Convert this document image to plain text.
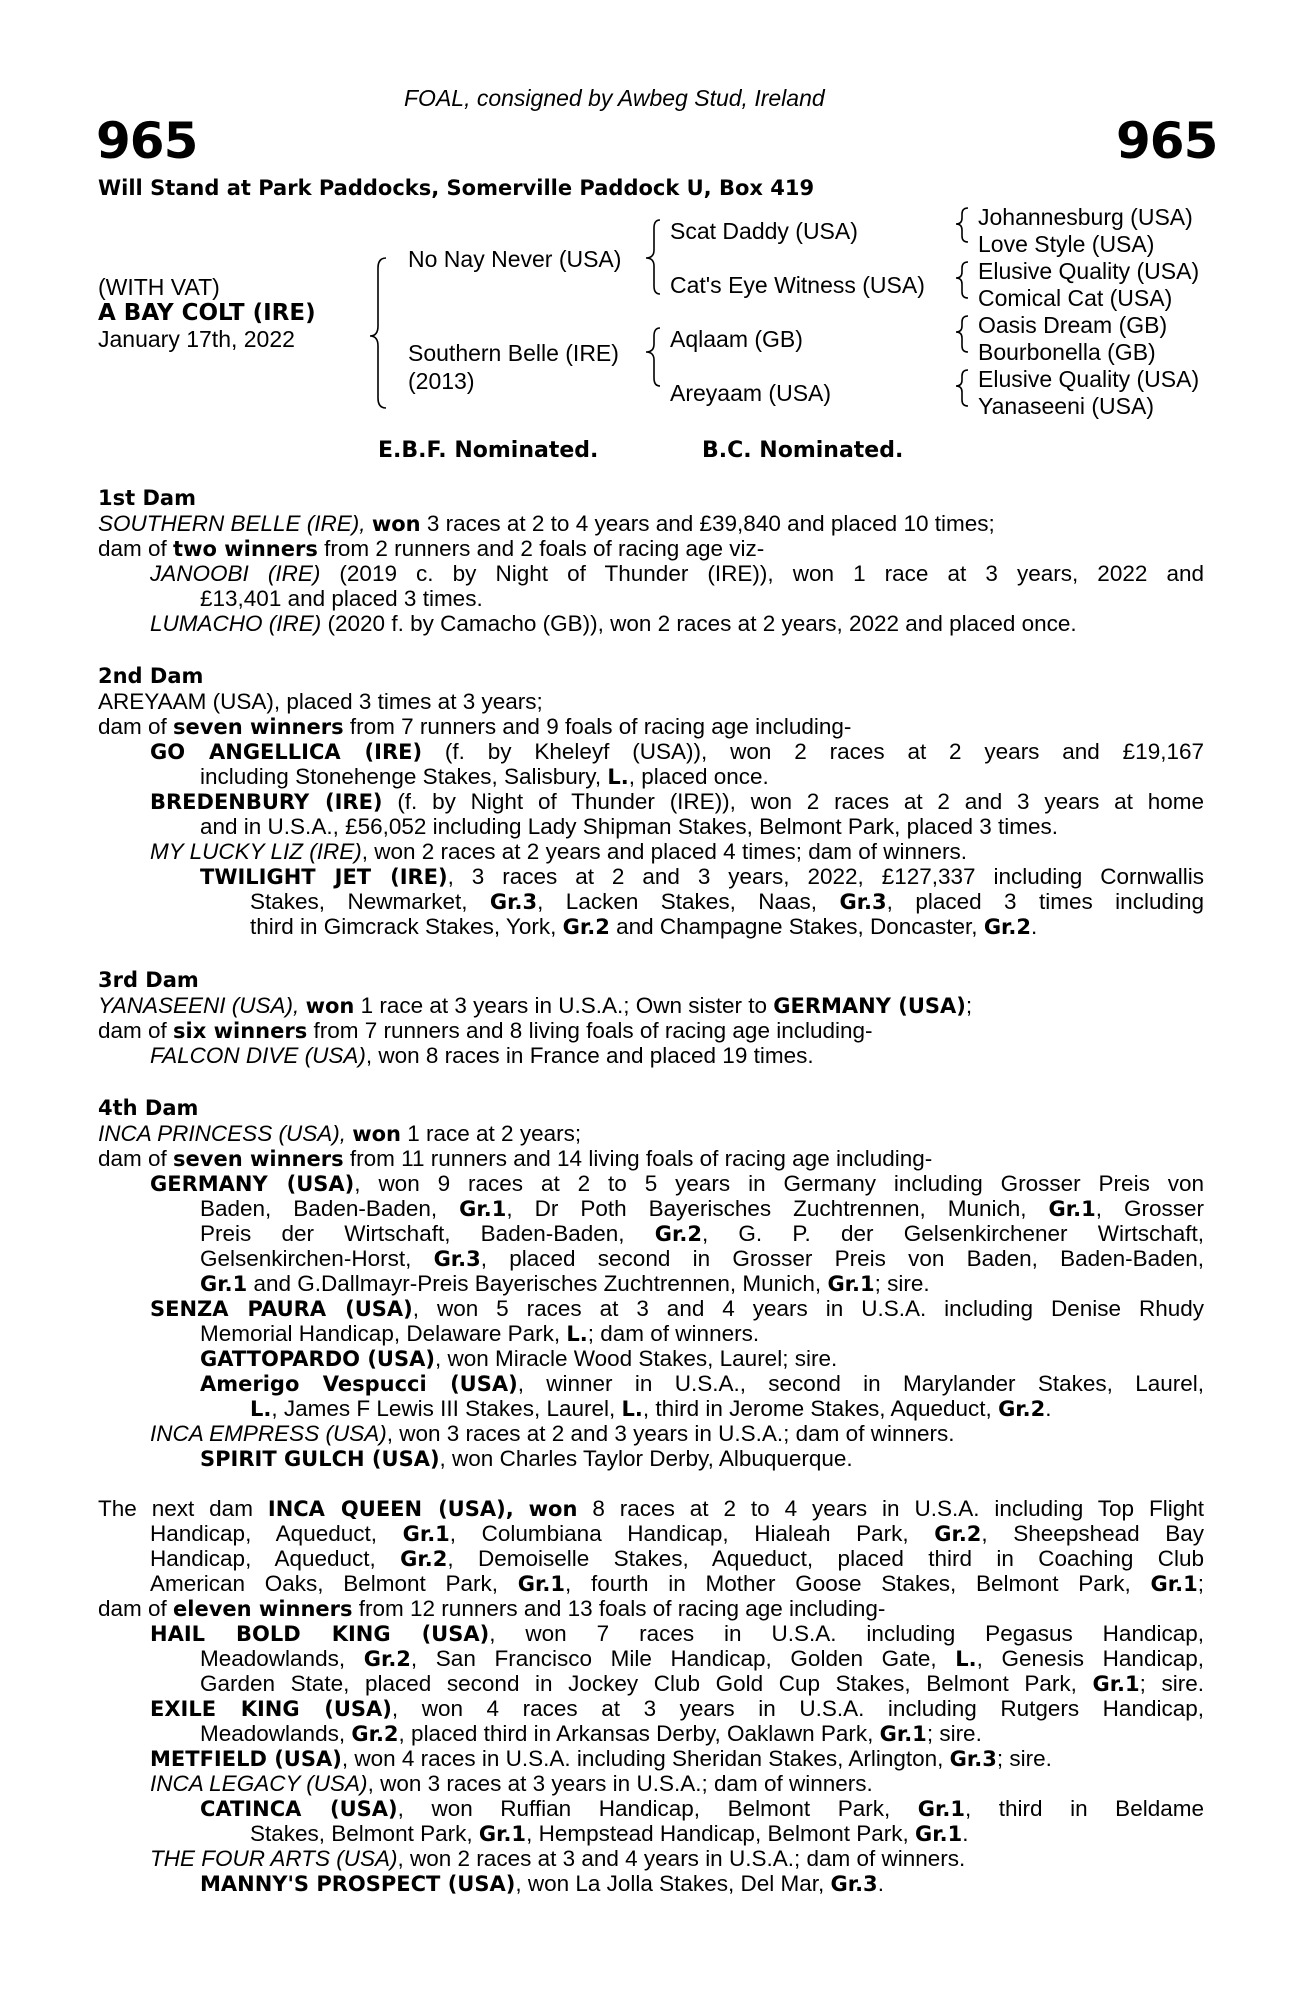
FOAL, consigned by Awbeg Stud, Ireland
965	965
Will Stand at Park Paddocks, Somerville Paddock U, Box 419
(WITH VAT)
A BAY COLT (IRE)
January 17th, 2022
No Nay Never (USA)
Southern Belle (IRE)
(2013)
Scat Daddy (USA)
Cat's Eye Witness (USA)
Aqlaam (GB)
Areyaam (USA)
Johannesburg (USA)
Love Style (USA)
Elusive Quality (USA)
Comical Cat (USA)
Oasis Dream (GB)
Bourbonella (GB)
Elusive Quality (USA)
Yanaseeni (USA)
E.B.F. Nominated.	B.C. Nominated.
1st Dam
SOUTHERN BELLE (IRE), won 3 races at 2 to 4 years and £39,840 and placed 10 times;
dam of two winners from 2 runners and 2 foals of racing age viz-
JANOOBI (IRE) (2019 c. by Night of Thunder (IRE)), won 1 race at 3 years, 2022 and
£13,401 and placed 3 times.
LUMACHO (IRE) (2020 f. by Camacho (GB)), won 2 races at 2 years, 2022 and placed once.
2nd Dam
AREYAAM (USA), placed 3 times at 3 years;
dam of seven winners from 7 runners and 9 foals of racing age including-
GO ANGELLICA (IRE) (f. by Kheleyf (USA)), won 2 races at 2 years and £19,167
including Stonehenge Stakes, Salisbury, L., placed once.
BREDENBURY (IRE) (f. by Night of Thunder (IRE)), won 2 races at 2 and 3 years at home
and in U.S.A., £56,052 including Lady Shipman Stakes, Belmont Park, placed 3 times.
MY LUCKY LIZ (IRE), won 2 races at 2 years and placed 4 times; dam of winners.
TWILIGHT JET (IRE), 3 races at 2 and 3 years, 2022, £127,337 including Cornwallis
Stakes, Newmarket, Gr.3, Lacken Stakes, Naas, Gr.3, placed 3 times including
third in Gimcrack Stakes, York, Gr.2 and Champagne Stakes, Doncaster, Gr.2.
3rd Dam
YANASEENI (USA), won 1 race at 3 years in U.S.A.; Own sister to GERMANY (USA);
dam of six winners from 7 runners and 8 living foals of racing age including-
FALCON DIVE (USA), won 8 races in France and placed 19 times.
4th Dam
INCA PRINCESS (USA), won 1 race at 2 years;
dam of seven winners from 11 runners and 14 living foals of racing age including-
GERMANY (USA), won 9 races at 2 to 5 years in Germany including Grosser Preis von
Baden, Baden-Baden, Gr.1, Dr Poth Bayerisches Zuchtrennen, Munich, Gr.1, Grosser
Preis der Wirtschaft, Baden-Baden, Gr.2, G. P. der Gelsenkirchener Wirtschaft,
Gelsenkirchen-Horst, Gr.3, placed second in Grosser Preis von Baden, Baden-Baden,
Gr.1 and G.Dallmayr-Preis Bayerisches Zuchtrennen, Munich, Gr.1; sire.
SENZA PAURA (USA), won 5 races at 3 and 4 years in U.S.A. including Denise Rhudy
Memorial Handicap, Delaware Park, L.; dam of winners.
GATTOPARDO (USA), won Miracle Wood Stakes, Laurel; sire.
Amerigo Vespucci (USA), winner in U.S.A., second in Marylander Stakes, Laurel,
L., James F Lewis III Stakes, Laurel, L., third in Jerome Stakes, Aqueduct, Gr.2.
INCA EMPRESS (USA), won 3 races at 2 and 3 years in U.S.A.; dam of winners.
SPIRIT GULCH (USA), won Charles Taylor Derby, Albuquerque.
The next dam INCA QUEEN (USA), won 8 races at 2 to 4 years in U.S.A. including Top Flight
Handicap, Aqueduct, Gr.1, Columbiana Handicap, Hialeah Park, Gr.2, Sheepshead Bay
Handicap, Aqueduct, Gr.2, Demoiselle Stakes, Aqueduct, placed third in Coaching Club
American Oaks, Belmont Park, Gr.1, fourth in Mother Goose Stakes, Belmont Park, Gr.1;
dam of eleven winners from 12 runners and 13 foals of racing age including-
HAIL BOLD KING (USA), won 7 races in U.S.A. including Pegasus Handicap,
Meadowlands, Gr.2, San Francisco Mile Handicap, Golden Gate, L., Genesis Handicap,
Garden State, placed second in Jockey Club Gold Cup Stakes, Belmont Park, Gr.1; sire.
EXILE KING (USA), won 4 races at 3 years in U.S.A. including Rutgers Handicap,
Meadowlands, Gr.2, placed third in Arkansas Derby, Oaklawn Park, Gr.1; sire.
METFIELD (USA), won 4 races in U.S.A. including Sheridan Stakes, Arlington, Gr.3; sire.
INCA LEGACY (USA), won 3 races at 3 years in U.S.A.; dam of winners.
CATINCA (USA), won Ruffian Handicap, Belmont Park, Gr.1, third in Beldame
Stakes, Belmont Park, Gr.1, Hempstead Handicap, Belmont Park, Gr.1.
THE FOUR ARTS (USA), won 2 races at 3 and 4 years in U.S.A.; dam of winners.
MANNY'S PROSPECT (USA), won La Jolla Stakes, Del Mar, Gr.3.
